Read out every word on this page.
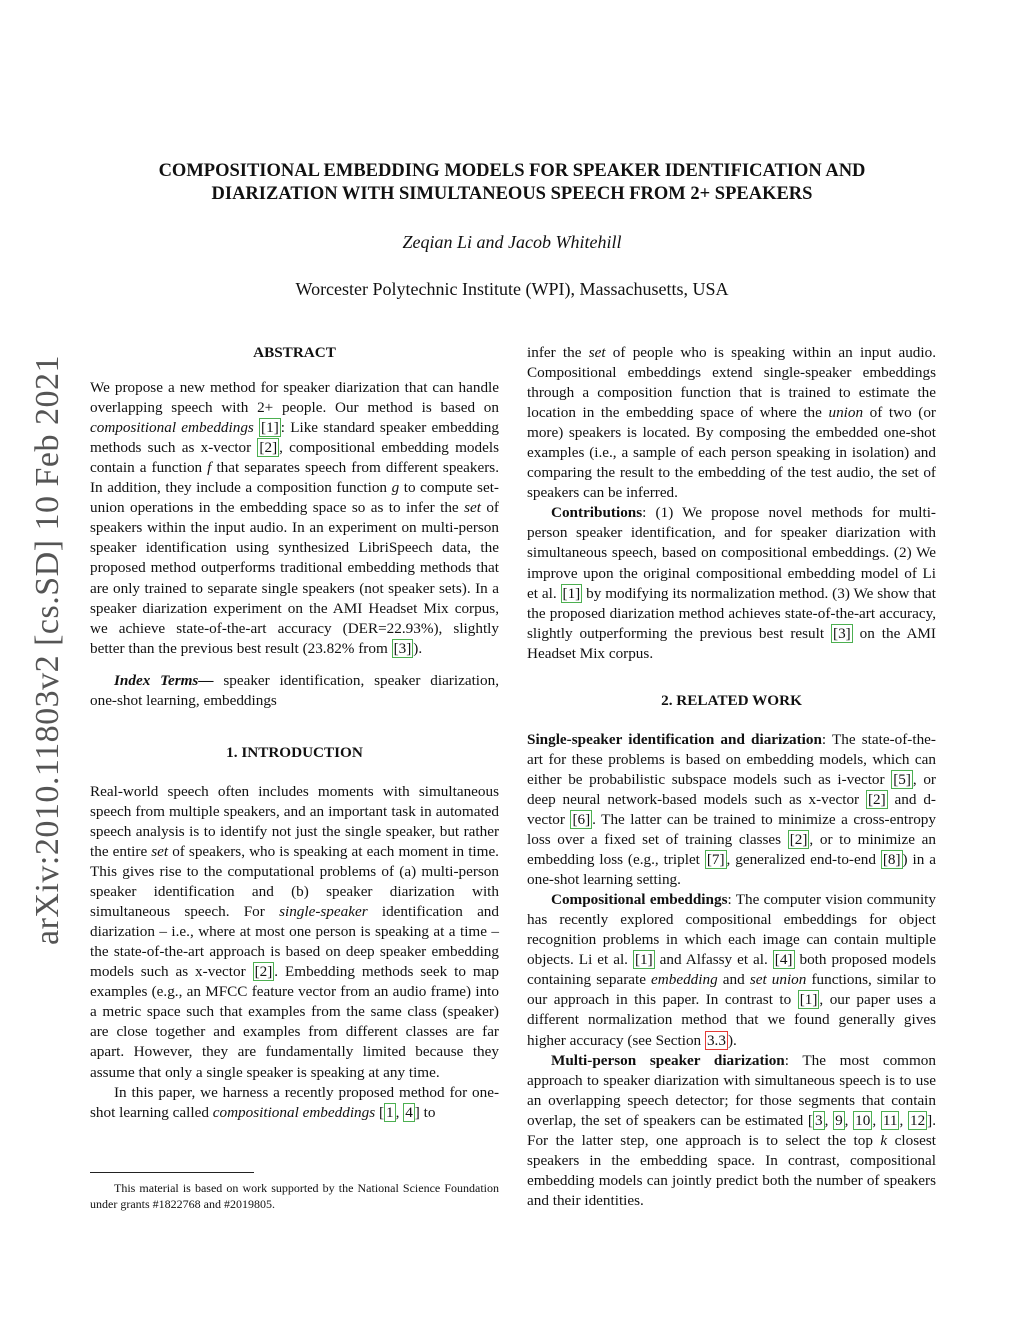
arXiv:2010.11803v2 [cs.SD] 10 Feb 2021
COMPOSITIONAL EMBEDDING MODELS FOR SPEAKER IDENTIFICATION AND
DIARIZATION WITH SIMULTANEOUS SPEECH FROM 2+ SPEAKERS
Zeqian Li and Jacob Whitehill
Worcester Polytechnic Institute (WPI), Massachusetts, USA
ABSTRACT

We propose a new method for speaker diarization that can handle overlapping speech with 2+ people. Our method is based on compositional embeddings [1] : Like standard speaker embedding methods such as x-vector [2] , compositional embedding models contain a function f that separates speech from different speakers. In addition, they include a composition function g to compute set-union operations in the embedding space so as to infer the set of speakers within the input audio. In an experiment on multi-person speaker identification using synthesized LibriSpeech data, the proposed method outperforms traditional embedding methods that are only trained to separate single speakers (not speaker sets). In a speaker diarization experiment on the AMI Headset Mix corpus, we achieve state-of-the-art accuracy (DER=22.93%), slightly better than the previous best result (23.82% from [3] ).

Index Terms— speaker identification, speaker diarization, one-shot learning, embeddings

1. INTRODUCTION

Real-world speech often includes moments with simultaneous speech from multiple speakers, and an important task in automated speech analysis is to identify not just the single speaker, but rather the entire set of speakers, who is speaking at each moment in time. This gives rise to the computational problems of (a) multi-person speaker identification and (b) speaker diarization with simultaneous speech. For single-speaker identification and diarization – i.e., where at most one person is speaking at a time – the state-of-the-art approach is based on deep speaker embedding models such as x-vector [2] . Embedding methods seek to map examples (e.g., an MFCC feature vector from an audio frame) into a metric space such that examples from the same class (speaker) are close together and examples from different classes are far apart. However, they are fundamentally limited because they assume that only a single speaker is speaking at any time.

In this paper, we harness a recently proposed method for one-shot learning called compositional embeddings [ 1 , 4 ] to

infer the set of people who is speaking within an input audio. Compositional embeddings extend single-speaker embeddings through a composition function that is trained to estimate the location in the embedding space of where the union of two (or more) speakers is located. By composing the embedded one-shot examples (i.e., a sample of each person speaking in isolation) and comparing the result to the embedding of the test audio, the set of speakers can be inferred.

Contributions: (1) We propose novel methods for multi-person speaker identification, and for speaker diarization with simultaneous speech, based on compositional embeddings. (2) We improve upon the original compositional embedding model of Li et al. [1] by modifying its normalization method. (3) We show that the proposed diarization method achieves state-of-the-art accuracy, slightly outperforming the previous best result [3] on the AMI Headset Mix corpus.

2. RELATED WORK

Single-speaker identification and diarization: The state-of-the-art for these problems is based on embedding models, which can either be probabilistic subspace models such as i-vector [5] , or deep neural network-based models such as x-vector [2] and d-vector [6] . The latter can be trained to minimize a cross-entropy loss over a fixed set of training classes [2] , or to minimize an embedding loss (e.g., triplet [7] , generalized end-to-end [8] ) in a one-shot learning setting.

Compositional embeddings: The computer vision community has recently explored compositional embeddings for object recognition problems in which each image can contain multiple objects. Li et al. [1] and Alfassy et al. [4] both proposed models containing separate embedding and set union functions, similar to our approach in this paper. In contrast to [1] , our paper uses a different normalization method that we found generally gives higher accuracy (see Section 3.3 ).

Multi-person speaker diarization: The most common approach to speaker diarization with simultaneous speech is to use an overlapping speech detector; for those segments that contain overlap, the set of speakers can be estimated [ 3 , 9 , 10 , 11 , 12 ]. For the latter step, one approach is to select the top k closest speakers in the embedding space. In contrast, compositional embedding models can jointly predict both the number of speakers and their identities.

This material is based on work supported by the National Science Foundation under grants #1822768 and #2019805.
